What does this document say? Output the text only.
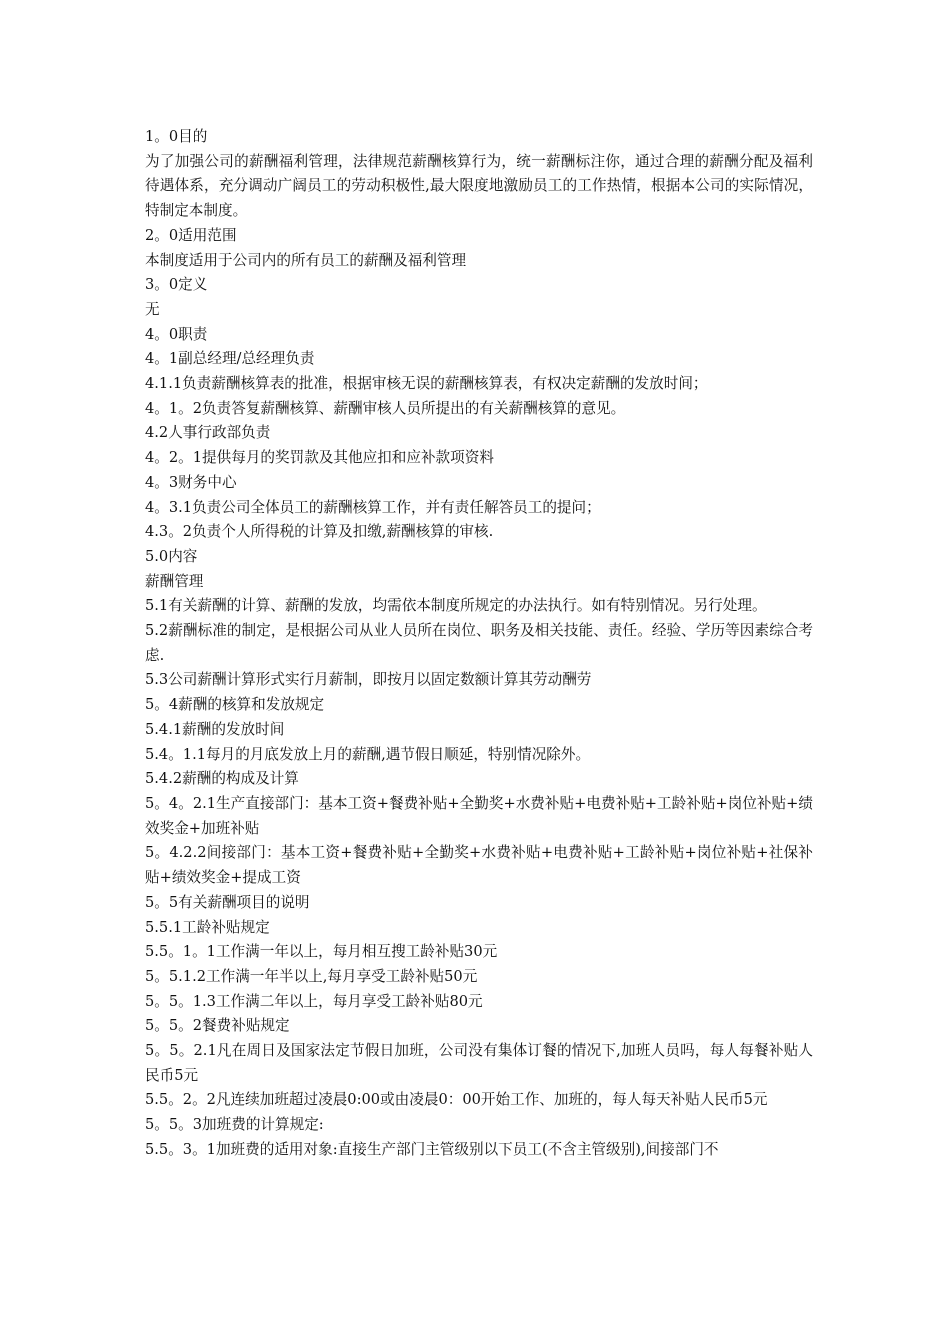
1。0目的

为了加强公司的薪酬福利管理，法律规范薪酬核算行为，统一薪酬标注你，通过合理的薪酬分配及福利待遇体系，充分调动广阔员工的劳动积极性,最大限度地激励员工的工作热情，根据本公司的实际情况，特制定本制度。

2。0适用范围

本制度适用于公司内的所有员工的薪酬及福利管理

3。0定义

无

4。0职责

4。1副总经理/总经理负责

4.1.1负责薪酬核算表的批准，根据审核无误的薪酬核算表，有权决定薪酬的发放时间；

4。1。2负责答复薪酬核算、薪酬审核人员所提出的有关薪酬核算的意见。

4.2人事行政部负责

4。2。1提供每月的奖罚款及其他应扣和应补款项资料

4。3财务中心

4。3.1负责公司全体员工的薪酬核算工作，并有责任解答员工的提问；

4.3。2负责个人所得税的计算及扣缴,薪酬核算的审核.

5.0内容

薪酬管理

5.1有关薪酬的计算、薪酬的发放，均需依本制度所规定的办法执行。如有特别情况。另行处理。

5.2薪酬标准的制定，是根据公司从业人员所在岗位、职务及相关技能、责任。经验、学历等因素综合考虑.

5.3公司薪酬计算形式实行月薪制，即按月以固定数额计算其劳动酬劳

5。4薪酬的核算和发放规定

5.4.1薪酬的发放时间

5.4。1.1每月的月底发放上月的薪酬,遇节假日顺延，特别情况除外。

5.4.2薪酬的构成及计算

5。4。2.1生产直接部门：基本工资+餐费补贴+全勤奖+水费补贴+电费补贴+工龄补贴+岗位补贴+绩效奖金+加班补贴

5。4.2.2间接部门：基本工资+餐费补贴+全勤奖+水费补贴+电费补贴+工龄补贴+岗位补贴+社保补贴+绩效奖金+提成工资

5。5有关薪酬项目的说明

5.5.1工龄补贴规定

5.5。1。1工作满一年以上，每月相互搜工龄补贴30元

5。5.1.2工作满一年半以上,每月享受工龄补贴50元

5。5。1.3工作满二年以上，每月享受工龄补贴80元

5。5。2餐费补贴规定

5。5。2.1凡在周日及国家法定节假日加班，公司没有集体订餐的情况下,加班人员吗，每人每餐补贴人民币5元

5.5。2。2凡连续加班超过凌晨0:00或由凌晨0：00开始工作、加班的，每人每天补贴人民币5元

5。5。3加班费的计算规定:

5.5。3。1加班费的适用对象:直接生产部门主管级别以下员工(不含主管级别),间接部门不
